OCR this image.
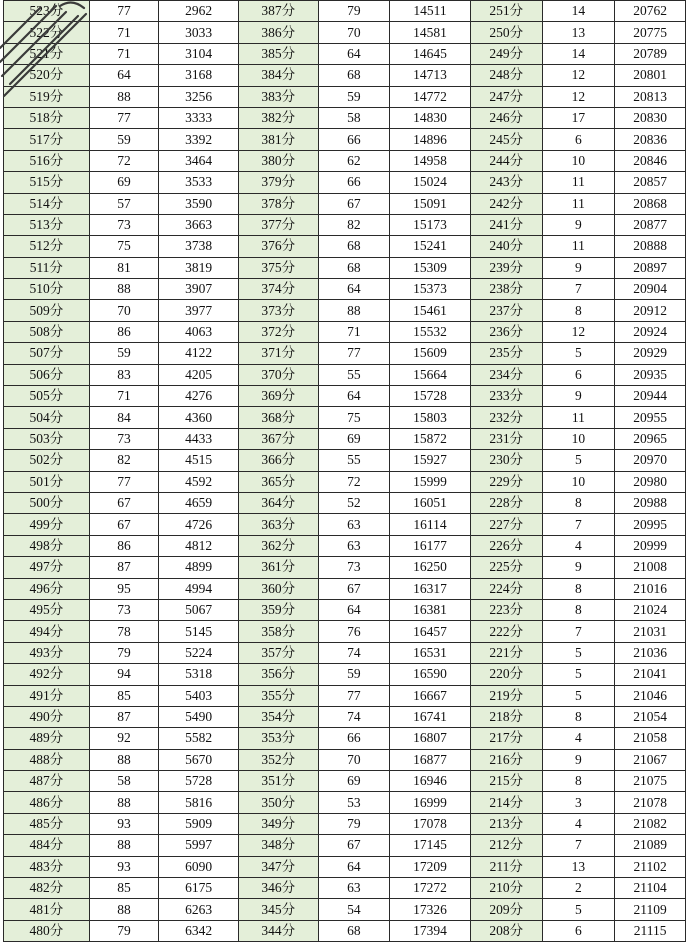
523分	77	2962	387分	79	14511	251分	14	20762
522分	71	3033	386分	70	14581	250分	13	20775
521分	71	3104	385分	64	14645	249分	14	20789
520分	64	3168	384分	68	14713	248分	12	20801
519分	88	3256	383分	59	14772	247分	12	20813
518分	77	3333	382分	58	14830	246分	17	20830
517分	59	3392	381分	66	14896	245分	6	20836
516分	72	3464	380分	62	14958	244分	10	20846
515分	69	3533	379分	66	15024	243分	11	20857
514分	57	3590	378分	67	15091	242分	11	20868
513分	73	3663	377分	82	15173	241分	9	20877
512分	75	3738	376分	68	15241	240分	11	20888
511分	81	3819	375分	68	15309	239分	9	20897
510分	88	3907	374分	64	15373	238分	7	20904
509分	70	3977	373分	88	15461	237分	8	20912
508分	86	4063	372分	71	15532	236分	12	20924
507分	59	4122	371分	77	15609	235分	5	20929
506分	83	4205	370分	55	15664	234分	6	20935
505分	71	4276	369分	64	15728	233分	9	20944
504分	84	4360	368分	75	15803	232分	11	20955
503分	73	4433	367分	69	15872	231分	10	20965
502分	82	4515	366分	55	15927	230分	5	20970
501分	77	4592	365分	72	15999	229分	10	20980
500分	67	4659	364分	52	16051	228分	8	20988
499分	67	4726	363分	63	16114	227分	7	20995
498分	86	4812	362分	63	16177	226分	4	20999
497分	87	4899	361分	73	16250	225分	9	21008
496分	95	4994	360分	67	16317	224分	8	21016
495分	73	5067	359分	64	16381	223分	8	21024
494分	78	5145	358分	76	16457	222分	7	21031
493分	79	5224	357分	74	16531	221分	5	21036
492分	94	5318	356分	59	16590	220分	5	21041
491分	85	5403	355分	77	16667	219分	5	21046
490分	87	5490	354分	74	16741	218分	8	21054
489分	92	5582	353分	66	16807	217分	4	21058
488分	88	5670	352分	70	16877	216分	9	21067
487分	58	5728	351分	69	16946	215分	8	21075
486分	88	5816	350分	53	16999	214分	3	21078
485分	93	5909	349分	79	17078	213分	4	21082
484分	88	5997	348分	67	17145	212分	7	21089
483分	93	6090	347分	64	17209	211分	13	21102
482分	85	6175	346分	63	17272	210分	2	21104
481分	88	6263	345分	54	17326	209分	5	21109
480分	79	6342	344分	68	17394	208分	6	21115
